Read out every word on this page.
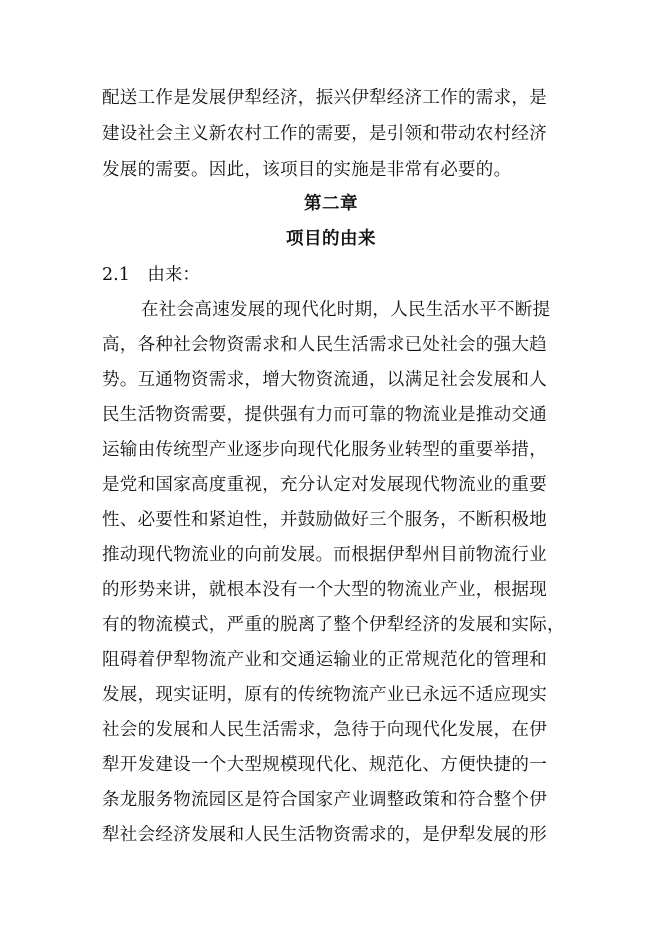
配送工作是发展伊犁经济，振兴伊犁经济工作的需求，是
建设社会主义新农村工作的需要，是引领和带动农村经济
发展的需要。因此，该项目的实施是非常有必要的。
第二章
项目的由来
2.1　由来：
在社会高速发展的现代化时期，人民生活水平不断提
高，各种社会物资需求和人民生活需求已处社会的强大趋
势。互通物资需求，增大物资流通，以满足社会发展和人
民生活物资需要，提供强有力而可靠的物流业是推动交通
运输由传统型产业逐步向现代化服务业转型的重要举措，
是党和国家高度重视，充分认定对发展现代物流业的重要
性、必要性和紧迫性，并鼓励做好三个服务，不断积极地
推动现代物流业的向前发展。而根据伊犁州目前物流行业
的形势来讲，就根本没有一个大型的物流业产业，根据现
有的物流模式，严重的脱离了整个伊犁经济的发展和实际，
阻碍着伊犁物流产业和交通运输业的正常规范化的管理和
发展，现实证明，原有的传统物流产业已永远不适应现实
社会的发展和人民生活需求，急待于向现代化发展，在伊
犁开发建设一个大型规模现代化、规范化、方便快捷的一
条龙服务物流园区是符合国家产业调整政策和符合整个伊
犁社会经济发展和人民生活物资需求的，是伊犁发展的形
